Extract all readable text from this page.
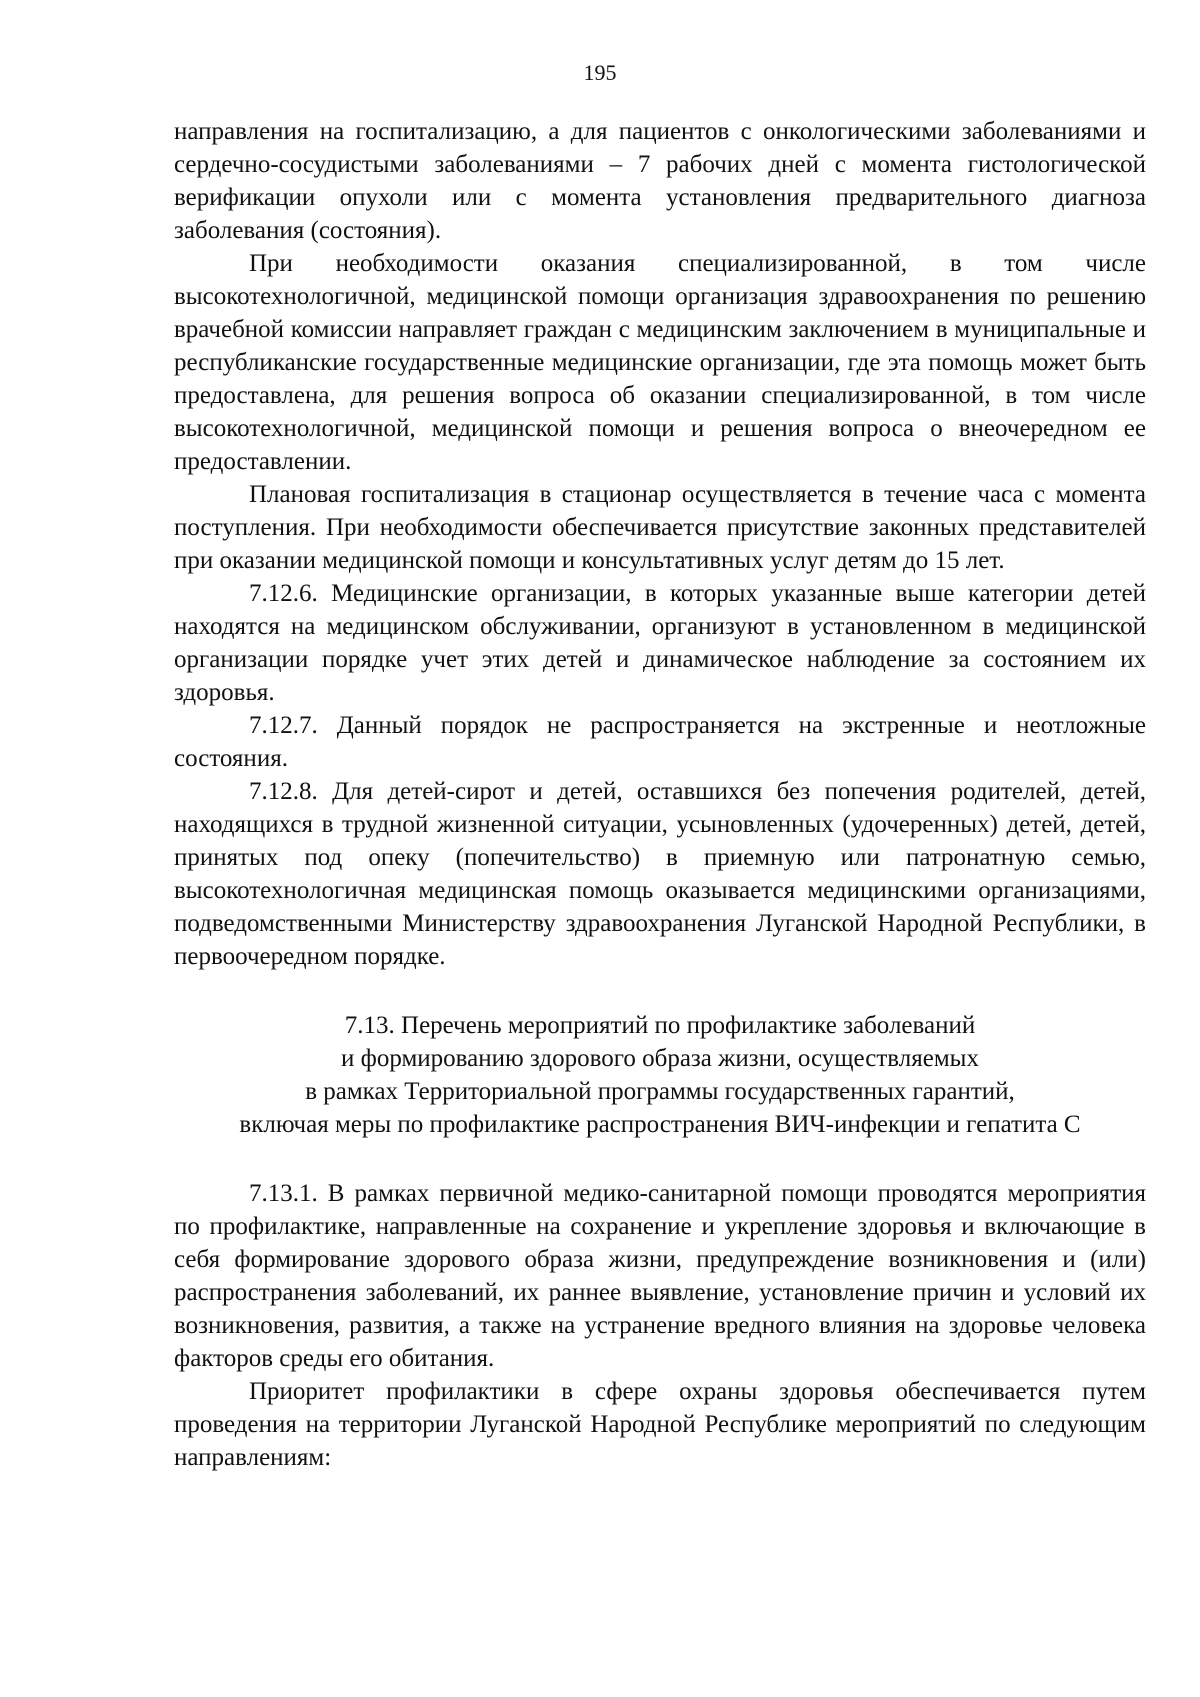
195

направления на госпитализацию, а для пациентов с онкологическими заболеваниями и сердечно-сосудистыми заболеваниями – 7 рабочих дней с момента гистологической верификации опухоли или с момента установления предварительного диагноза заболевания (состояния).

При необходимости оказания специализированной, в том числе высокотехнологичной, медицинской помощи организация здравоохранения по решению врачебной комиссии направляет граждан с медицинским заключением в муниципальные и республиканские государственные медицинские организации, где эта помощь может быть предоставлена, для решения вопроса об оказании специализированной, в том числе высокотехнологичной, медицинской помощи и решения вопроса о внеочередном ее предоставлении.

Плановая госпитализация в стационар осуществляется в течение часа с момента поступления. При необходимости обеспечивается присутствие законных представителей при оказании медицинской помощи и консультативных услуг детям до 15 лет.

7.12.6. Медицинские организации, в которых указанные выше категории детей находятся на медицинском обслуживании, организуют в установленном в медицинской организации порядке учет этих детей и динамическое наблюдение за состоянием их здоровья.

7.12.7. Данный порядок не распространяется на экстренные и неотложные состояния.

7.12.8. Для детей-сирот и детей, оставшихся без попечения родителей, детей, находящихся в трудной жизненной ситуации, усыновленных (удочеренных) детей, детей, принятых под опеку (попечительство) в приемную или патронатную семью, высокотехнологичная медицинская помощь оказывается медицинскими организациями, подведомственными Министерству здравоохранения Луганской Народной Республики, в первоочередном порядке.

7.13. Перечень мероприятий по профилактике заболеваний
и формированию здорового образа жизни, осуществляемых
в рамках Территориальной программы государственных гарантий,
включая меры по профилактике распространения ВИЧ-инфекции и гепатита С

7.13.1. В рамках первичной медико-санитарной помощи проводятся мероприятия по профилактике, направленные на сохранение и укрепление здоровья и включающие в себя формирование здорового образа жизни, предупреждение возникновения и (или) распространения заболеваний, их раннее выявление, установление причин и условий их возникновения, развития, а также на устранение вредного влияния на здоровье человека факторов среды его обитания.

Приоритет профилактики в сфере охраны здоровья обеспечивается путем проведения на территории Луганской Народной Республике мероприятий по следующим направлениям:
